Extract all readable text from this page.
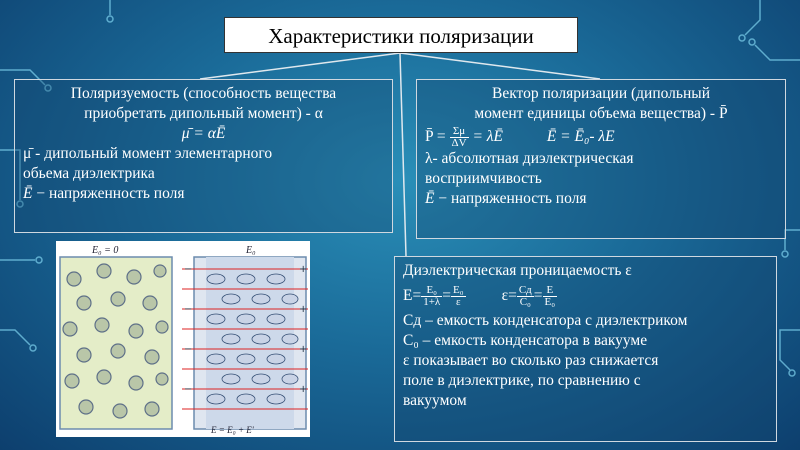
Характеристики поляризации
Поляризуемость (способность вещества
приобретать дипольный момент) - α
μ̄ = αĒ
μ̄ - дипольный момент элементарного
обьема диэлектрика
Ē − напряженность поля
Вектор поляризации (дипольный
момент единицы объема вещества) - P̄
P̄ = $\frac{\Sigma\mu}{\Delta V}$ = λĒ	Ē = Ē₀- λE
λ- абсолютная диэлектрическая
восприимчивость
Ē − напряженность поля
Диэлектрическая проницаемость ε
$E= \frac{\text{E₀}}{1+\lambda} = \frac{\text{E₀}}{\varepsilon} \varepsilon= \frac{Cд}{\text{C₀}} = \frac{E}{\text{E₀}}$
Cд – емкость конденсатора с диэлектриком
C₀ – емкость конденсатора в вакууме
ε показывает во сколько раз снижается
поле в диэлектрике, по сравнению с
вакуумом
E₀ = 0	E₀
−
−
−
−
+
+
+
+
E = E₀ + E'
